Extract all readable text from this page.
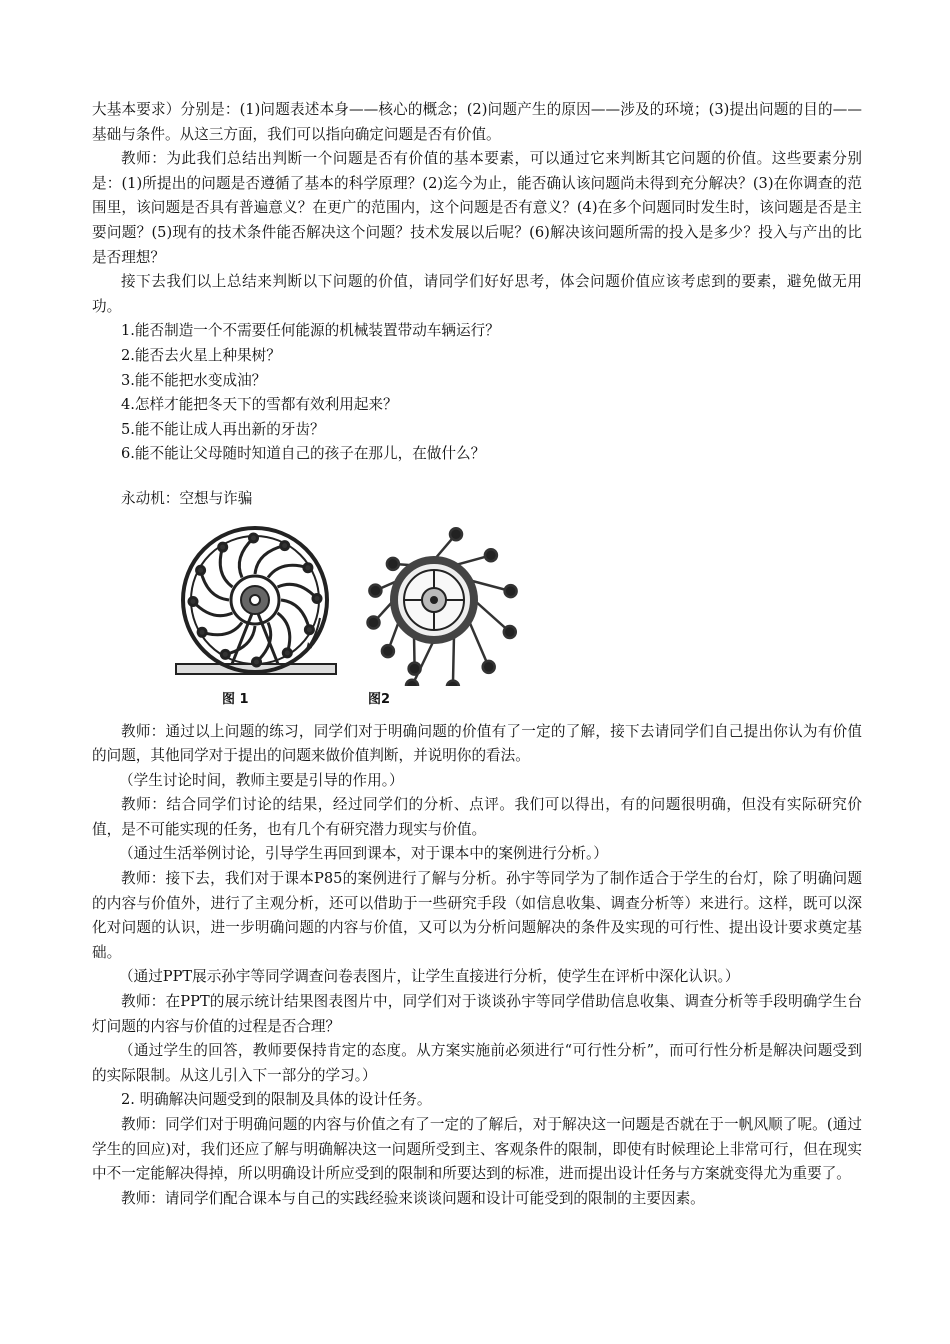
大基本要求）分别是：(1)问题表述本身——核心的概念；(2)问题产生的原因——涉及的环境；(3)提出问题的目的——基础与条件。从这三方面，我们可以指向确定问题是否有价值。

教师：为此我们总结出判断一个问题是否有价值的基本要素，可以通过它来判断其它问题的价值。这些要素分别是：(1)所提出的问题是否遵循了基本的科学原理？(2)迄今为止，能否确认该问题尚未得到充分解决？(3)在你调查的范围里，该问题是否具有普遍意义？在更广的范围内，这个问题是否有意义？(4)在多个问题同时发生时，该问题是否是主要问题？(5)现有的技术条件能否解决这个问题？技术发展以后呢？(6)解决该问题所需的投入是多少？投入与产出的比是否理想？

接下去我们以上总结来判断以下问题的价值，请同学们好好思考，体会问题价值应该考虑到的要素，避免做无用功。

1.能否制造一个不需要任何能源的机械装置带动车辆运行？

2.能否去火星上种果树？

3.能不能把水变成油？

4.怎样才能把冬天下的雪都有效利用起来？

5.能不能让成人再出新的牙齿？

6.能不能让父母随时知道自己的孩子在那儿，在做什么？

永动机：空想与诈骗

图 1	图2

教师：通过以上问题的练习，同学们对于明确问题的价值有了一定的了解，接下去请同学们自己提出你认为有价值的问题，其他同学对于提出的问题来做价值判断，并说明你的看法。

（学生讨论时间，教师主要是引导的作用。）

教师：结合同学们讨论的结果，经过同学们的分析、点评。我们可以得出，有的问题很明确，但没有实际研究价值，是不可能实现的任务，也有几个有研究潜力现实与价值。

（通过生活举例讨论，引导学生再回到课本，对于课本中的案例进行分析。）

教师：接下去，我们对于课本P85的案例进行了解与分析。孙宇等同学为了制作适合于学生的台灯，除了明确问题的内容与价值外，进行了主观分析，还可以借助于一些研究手段（如信息收集、调查分析等）来进行。这样，既可以深化对问题的认识，进一步明确问题的内容与价值，又可以为分析问题解决的条件及实现的可行性、提出设计要求奠定基础。

（通过PPT展示孙宇等同学调查问卷表图片，让学生直接进行分析，使学生在评析中深化认识。）

教师：在PPT的展示统计结果图表图片中，同学们对于谈谈孙宇等同学借助信息收集、调查分析等手段明确学生台灯问题的内容与价值的过程是否合理？

（通过学生的回答，教师要保持肯定的态度。从方案实施前必须进行“可行性分析”，而可行性分析是解决问题受到的实际限制。从这儿引入下一部分的学习。）

2. 明确解决问题受到的限制及具体的设计任务。

教师：同学们对于明确问题的内容与价值之有了一定的了解后，对于解决这一问题是否就在于一帆风顺了呢。(通过学生的回应)对，我们还应了解与明确解决这一问题所受到主、客观条件的限制，即使有时候理论上非常可行，但在现实中不一定能解决得掉，所以明确设计所应受到的限制和所要达到的标准，进而提出设计任务与方案就变得尤为重要了。

教师：请同学们配合课本与自己的实践经验来谈谈问题和设计可能受到的限制的主要因素。
